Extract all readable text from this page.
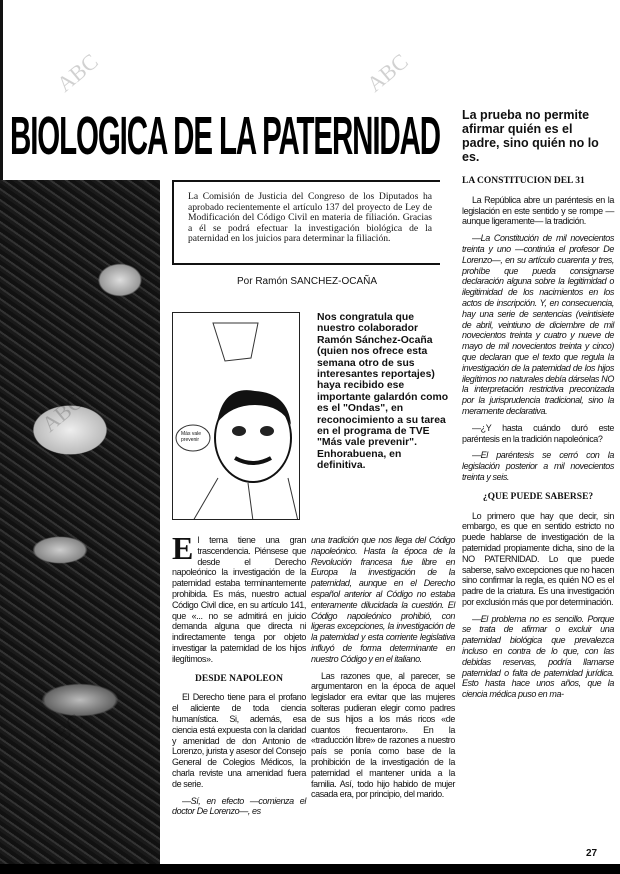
ABC	ABC
ABC
ABC
BIOLOGICA DE LA PATERNIDAD La prueba no permite afirmar quién es el padre, sino quién no lo es.
La Comisión de Justicia del Congreso de los Diputados ha aprobado recientemente el artículo 137 del proyecto de Ley de Modificación del Código Civil en materia de filiación. Gracias a él se podrá efectuar la investigación biológica de la paternidad en los juicios para determinar la filiación.
Por Ramón SANCHEZ-OCAÑA
Más vale prevenir
Nos congratula que nuestro colaborador Ramón Sánchez-Ocaña (quien nos ofrece esta semana otro de sus interesantes reportajes) haya recibido ese importante galardón como es el "Ondas", en reconocimiento a su tarea en el programa de TVE "Más vale prevenir". Enhorabuena, en definitiva.

El tema tiene una gran trascendencia. Piénsese que desde el Derecho napoleónico la investigación de la paternidad estaba terminantemente prohibida. Es más, nuestro actual Código Civil dice, en su artículo 141, que «... no se admitirá en juicio demanda alguna que directa ni indirectamente tenga por objeto investigar la paternidad de los hijos ilegítimos».

DESDE NAPOLEON

El Derecho tiene para el profano el aliciente de toda ciencia humanística. Si, además, esa ciencia está expuesta con la claridad y amenidad de don Antonio de Lorenzo, jurista y asesor del Consejo General de Colegios Médicos, la charla reviste una amenidad fuera de serie.

—Sí, en efecto —comienza el doctor De Lorenzo—, es

una tradición que nos llega del Código napoleónico. Hasta la época de la Revolución francesa fue libre en Europa la investigación de la paternidad, aunque en el Derecho español anterior al Código no estaba enteramente dilucidada la cuestión. El Código napoleónico prohibió, con ligeras excepciones, la investigación de la paternidad y esta corriente legislativa influyó de forma determinante en nuestro Código y en el italiano.

Las razones que, al parecer, se argumentaron en la época de aquel legislador era evitar que las mujeres solteras pudieran elegir como padres de sus hijos a los más ricos «de cuantos frecuentaron». En la «traducción libre» de razones a nuestro país se ponía como base de la prohibición de la investigación de la paternidad el mantener unida a la familia. Así, todo hijo habido de mujer casada era, por principio, del marido.

LA CONSTITUCION DEL 31

La República abre un paréntesis en la legislación en este sentido y se rompe —aunque ligeramente— la tradición.

—La Constitución de mil novecientos treinta y uno —continúa el profesor De Lorenzo—, en su artículo cuarenta y tres, prohíbe que pueda consignarse declaración alguna sobre la legitimidad o ilegitimidad de los nacimientos en los actos de inscripción. Y, en consecuencia, hay una serie de sentencias (veintisiete de abril, veintiuno de diciembre de mil novecientos treinta y cuatro y nueve de mayo de mil novecientos treinta y cinco) que declaran que el texto que regula la investigación de la paternidad de los hijos ilegítimos no naturales debía dárselas NO la interpretación restrictiva preconizada por la jurisprudencia tradicional, sino la meramente declarativa.

—¿Y hasta cuándo duró este paréntesis en la tradición napoleónica?

—El paréntesis se cerró con la legislación posterior a mil novecientos treinta y seis.

¿QUE PUEDE SABERSE?

Lo primero que hay que decir, sin embargo, es que en sentido estricto no puede hablarse de investigación de la paternidad propiamente dicha, sino de la NO PATERNIDAD. Lo que puede saberse, salvo excepciones que no hacen sino confirmar la regla, es quién NO es el padre de la criatura. Es una investigación por exclusión más que por determinación.

—El problema no es sencillo. Porque se trata de afirmar o excluir una paternidad biológica que prevalezca incluso en contra de lo que, con las debidas reservas, podría llamarse paternidad o falta de paternidad jurídica. Esto hasta hace unos años, que la ciencia médica puso en ma-

27
